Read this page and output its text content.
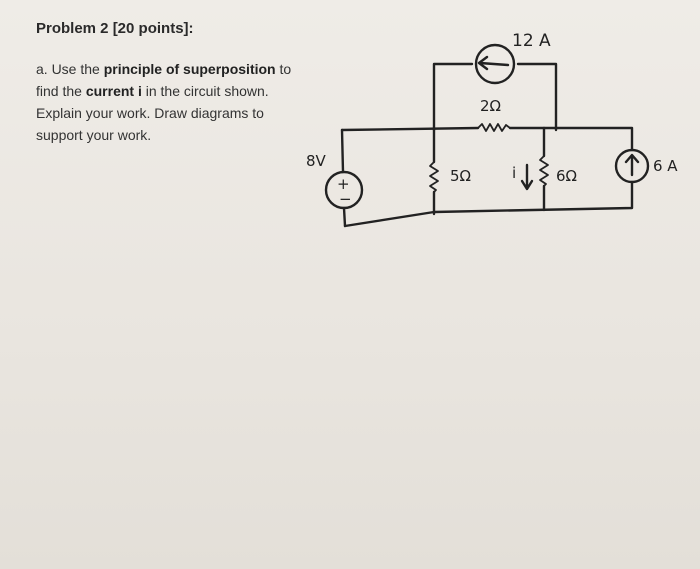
Problem 2 [20 points]:
a. Use the principle of superposition to find the current i in the circuit shown. Explain your work. Draw diagrams to support your work.
12 A
2Ω
8V
+
−
5Ω	i	6Ω
6 A
